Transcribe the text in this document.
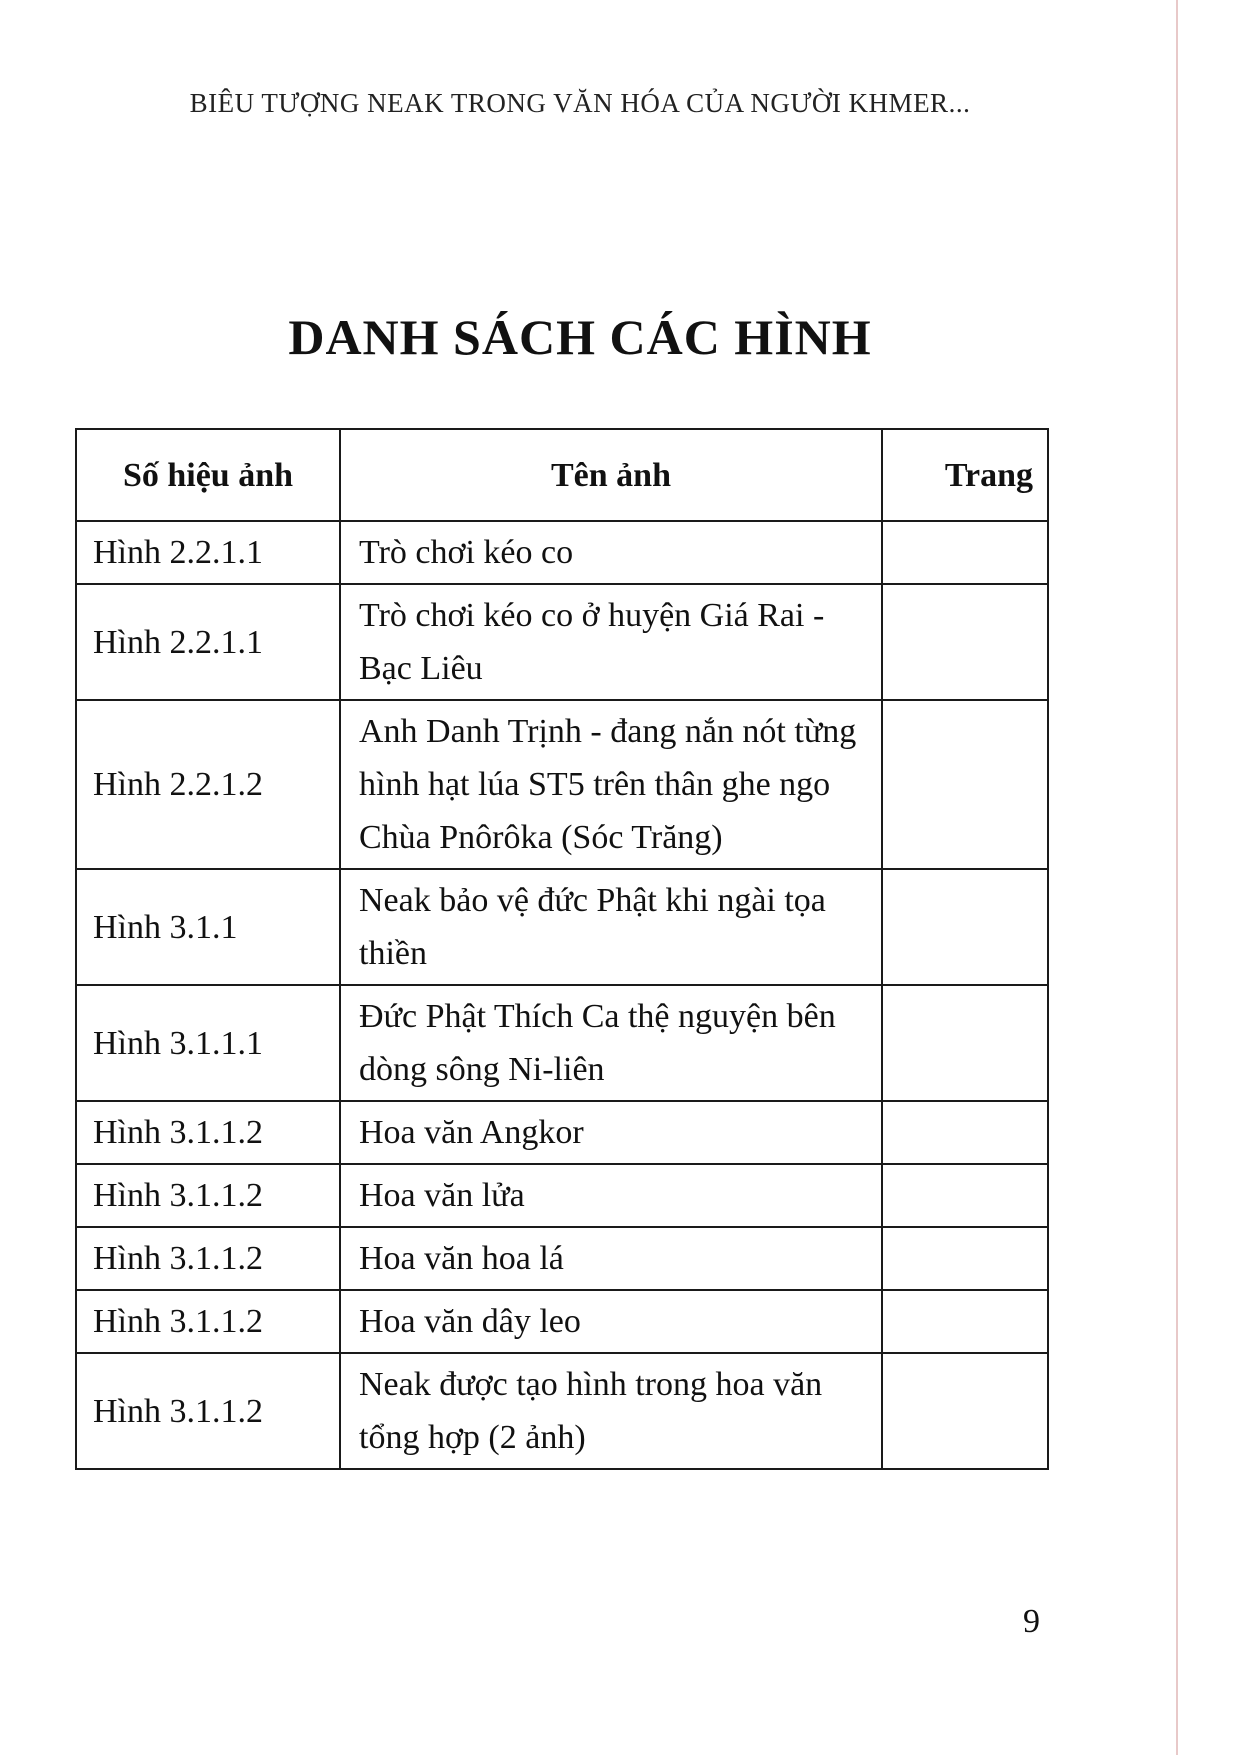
BIÊU TƯỢNG NEAK TRONG VĂN HÓA CỦA NGƯỜI KHMER...
DANH SÁCH CÁC HÌNH
Số hiệu ảnh	Tên ảnh	Trang
Hình 2.2.1.1	Trò chơi kéo co	
Hình 2.2.1.1	Trò chơi kéo co ở huyện Giá Rai - Bạc Liêu	
Hình 2.2.1.2	Anh Danh Trịnh - đang nắn nót từng hình hạt lúa ST5 trên thân ghe ngo Chùa Pnôrôka (Sóc Trăng)	
Hình 3.1.1	Neak bảo vệ đức Phật khi ngài tọa thiền	
Hình 3.1.1.1	Đức Phật Thích Ca thệ nguyện bên dòng sông Ni-liên	
Hình 3.1.1.2	Hoa văn Angkor	
Hình 3.1.1.2	Hoa văn lửa	
Hình 3.1.1.2	Hoa văn hoa lá	
Hình 3.1.1.2	Hoa văn dây leo	
Hình 3.1.1.2	Neak được tạo hình trong hoa văn tổng hợp (2 ảnh)	
9
